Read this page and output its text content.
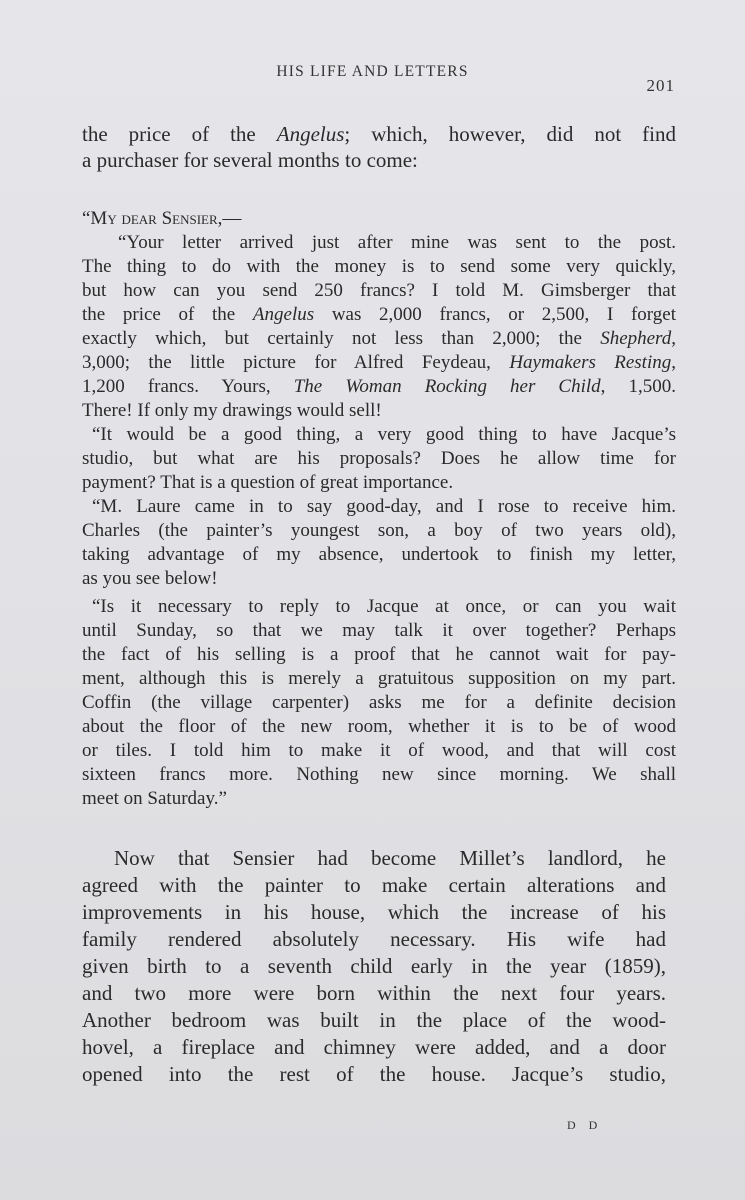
HIS LIFE AND LETTERS
201
the price of the Angelus; which, however, did not find
a purchaser for several months to come:
“My dear Sensier,—
“Your letter arrived just after mine was sent to the post.
The thing to do with the money is to send some very quickly,
but how can you send 250 francs? I told M. Gimsberger that
the price of the Angelus was 2,000 francs, or 2,500, I forget
exactly which, but certainly not less than 2,000; the Shepherd,
3,000; the little picture for Alfred Feydeau, Haymakers Resting,
1,200 francs. Yours, The Woman Rocking her Child, 1,500.
There! If only my drawings would sell!
“It would be a good thing, a very good thing to have Jacque’s
studio, but what are his proposals? Does he allow time for
payment? That is a question of great importance.
“M. Laure came in to say good-day, and I rose to receive him.
Charles (the painter’s youngest son, a boy of two years old),
taking advantage of my absence, undertook to finish my letter,
as you see below!
“Is it necessary to reply to Jacque at once, or can you wait
until Sunday, so that we may talk it over together? Perhaps
the fact of his selling is a proof that he cannot wait for pay-
ment, although this is merely a gratuitous supposition on my part.
Coffin (the village carpenter) asks me for a definite decision
about the floor of the new room, whether it is to be of wood
or tiles. I told him to make it of wood, and that will cost
sixteen francs more. Nothing new since morning. We shall
meet on Saturday.”
Now that Sensier had become Millet’s landlord, he
agreed with the painter to make certain alterations and
improvements in his house, which the increase of his
family rendered absolutely necessary. His wife had
given birth to a seventh child early in the year (1859),
and two more were born within the next four years.
Another bedroom was built in the place of the wood-
hovel, a fireplace and chimney were added, and a door
opened into the rest of the house. Jacque’s studio,
D D
